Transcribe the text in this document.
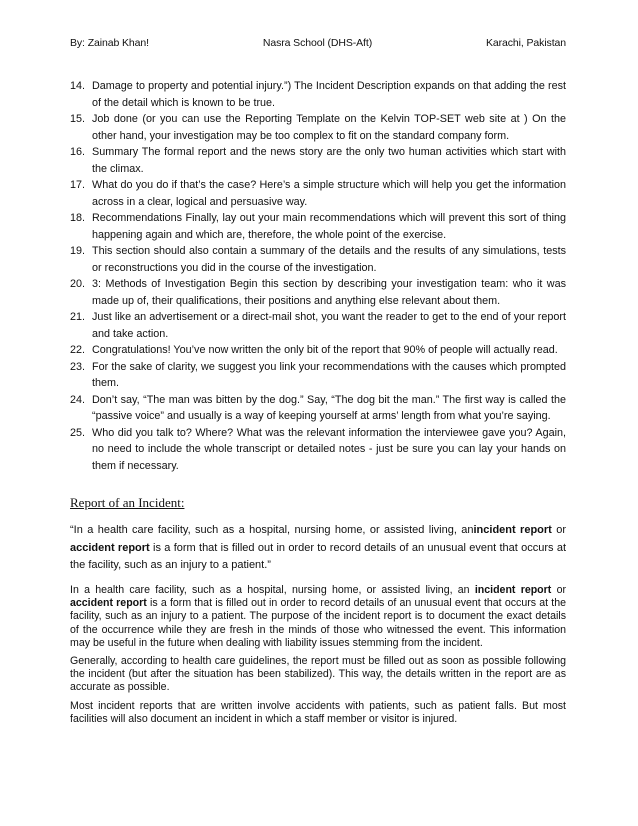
By: Zainab Khan!	Nasra School (DHS-Aft)	Karachi, Pakistan
14. Damage to property and potential injury.”) The Incident Description expands on that adding the rest of the detail which is known to be true.
15. Job done (or you can use the Reporting Template on the Kelvin TOP-SET web site at ) On the other hand, your investigation may be too complex to fit on the standard company form.
16. Summary The formal report and the news story are the only two human activities which start with the climax.
17. What do you do if that’s the case? Here’s a simple structure which will help you get the information across in a clear, logical and persuasive way.
18. Recommendations Finally, lay out your main recommendations which will prevent this sort of thing happening again and which are, therefore, the whole point of the exercise.
19. This section should also contain a summary of the details and the results of any simulations, tests or reconstructions you did in the course of the investigation.
20. 3: Methods of Investigation Begin this section by describing your investigation team: who it was made up of, their qualifications, their positions and anything else relevant about them.
21. Just like an advertisement or a direct-mail shot, you want the reader to get to the end of your report and take action.
22. Congratulations! You’ve now written the only bit of the report that 90% of people will actually read.
23. For the sake of clarity, we suggest you link your recommendations with the causes which prompted them.
24. Don’t say, “The man was bitten by the dog.” Say, “The dog bit the man.” The first way is called the “passive voice” and usually is a way of keeping yourself at arms’ length from what you’re saying.
25. Who did you talk to? Where? What was the relevant information the interviewee gave you? Again, no need to include the whole transcript or detailed notes - just be sure you can lay your hands on them if necessary.
Report of an Incident:
“In a health care facility, such as a hospital, nursing home, or assisted living, anincident report or accident report is a form that is filled out in order to record details of an unusual event that occurs at the facility, such as an injury to a patient.”

In a health care facility, such as a hospital, nursing home, or assisted living, an incident report or accident report is a form that is filled out in order to record details of an unusual event that occurs at the facility, such as an injury to a patient. The purpose of the incident report is to document the exact details of the occurrence while they are fresh in the minds of those who witnessed the event. This information may be useful in the future when dealing with liability issues stemming from the incident.

Generally, according to health care guidelines, the report must be filled out as soon as possible following the incident (but after the situation has been stabilized). This way, the details written in the report are as accurate as possible.

Most incident reports that are written involve accidents with patients, such as patient falls. But most facilities will also document an incident in which a staff member or visitor is injured.
